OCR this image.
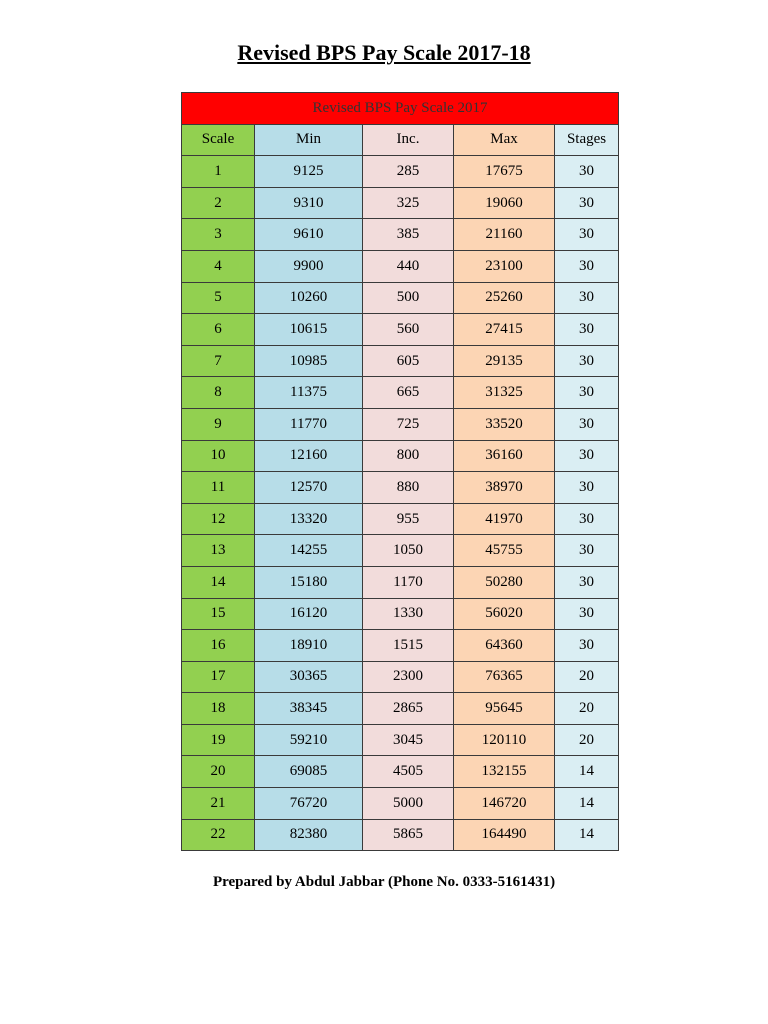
Revised BPS Pay Scale 2017-18
Revised BPS Pay Scale 2017				
Scale	Min	Inc.	Max	Stages
1	9125	285	17675	30
2	9310	325	19060	30
3	9610	385	21160	30
4	9900	440	23100	30
5	10260	500	25260	30
6	10615	560	27415	30
7	10985	605	29135	30
8	11375	665	31325	30
9	11770	725	33520	30
10	12160	800	36160	30
11	12570	880	38970	30
12	13320	955	41970	30
13	14255	1050	45755	30
14	15180	1170	50280	30
15	16120	1330	56020	30
16	18910	1515	64360	30
17	30365	2300	76365	20
18	38345	2865	95645	20
19	59210	3045	120110	20
20	69085	4505	132155	14
21	76720	5000	146720	14
22	82380	5865	164490	14
Prepared by Abdul Jabbar (Phone No. 0333-5161431)
